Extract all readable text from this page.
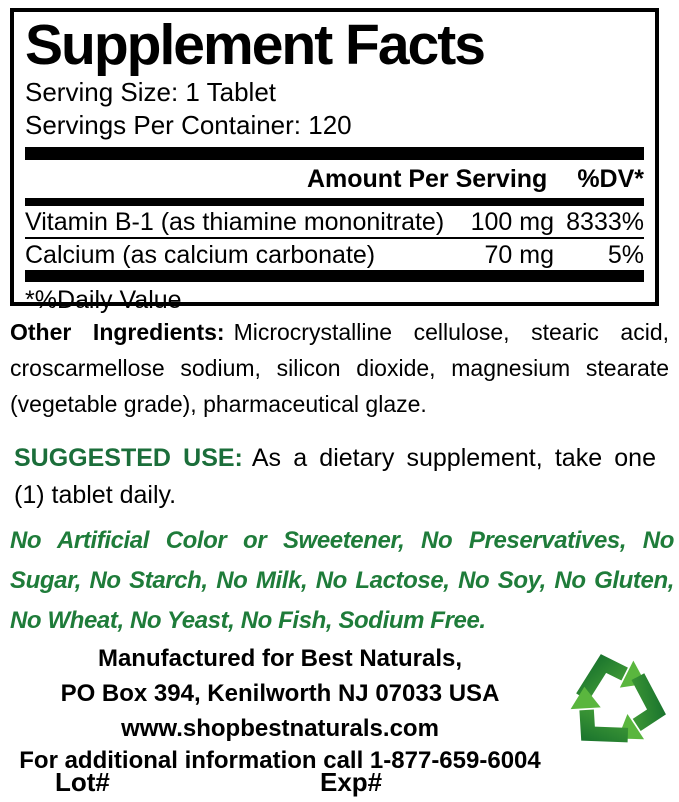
Supplement Facts
Serving Size: 1 Tablet
Servings Per Container: 120
Amount Per Serving %DV*
Vitamin B-1 (as thiamine mononitrate)	100 mg 8333%
Calcium (as calcium carbonate)	70 mg	5%
*%Daily Value

Other Ingredients: Microcrystalline cellulose, stearic acid, croscarmellose sodium, silicon dioxide, magnesium stearate (vegetable grade), pharmaceutical glaze.

SUGGESTED USE: As a dietary supplement, take one (1) tablet daily.

No Artificial Color or Sweetener, No Preservatives, No Sugar, No Starch, No Milk, No Lactose, No Soy, No Gluten, No Wheat, No Yeast, No Fish, Sodium Free.

Manufactured for Best Naturals,
PO Box 394, Kenilworth NJ 07033 USA
www.shopbestnaturals.com
For additional information call 1-877-659-6004
Lot#	Exp#
